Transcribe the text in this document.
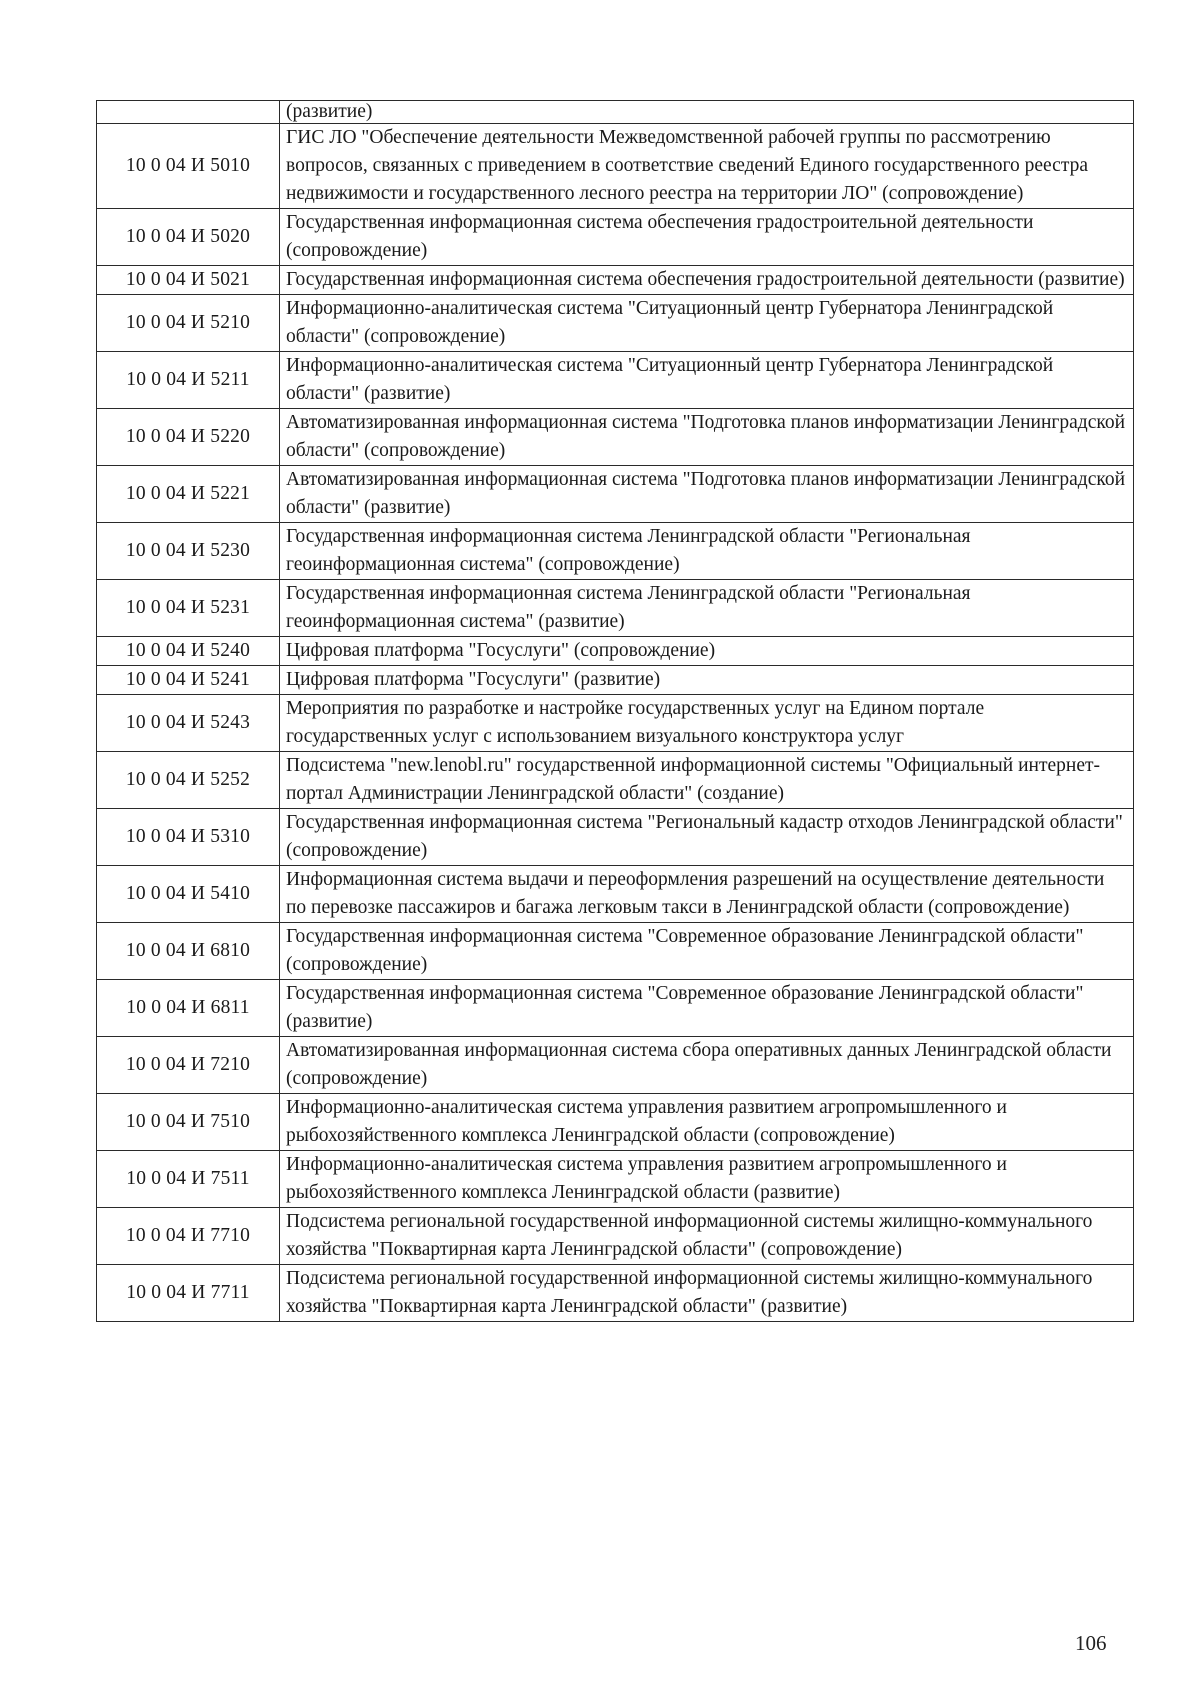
	(развитие)
10 0 04 И 5010	ГИС ЛО "Обеспечение деятельности Межведомственной рабочей группы по рассмотрению вопросов, связанных с приведением в соответствие сведений Единого государственного реестра недвижимости и государственного лесного реестра на территории ЛО" (сопровождение)
10 0 04 И 5020	Государственная информационная система обеспечения градостроительной деятельности (сопровождение)
10 0 04 И 5021	Государственная информационная система обеспечения градостроительной деятельности (развитие)
10 0 04 И 5210	Информационно-аналитическая система "Ситуационный центр Губернатора Ленинградской области" (сопровождение)
10 0 04 И 5211	Информационно-аналитическая система "Ситуационный центр Губернатора Ленинградской области" (развитие)
10 0 04 И 5220	Автоматизированная информационная система "Подготовка планов информатизации Ленинградской области" (сопровождение)
10 0 04 И 5221	Автоматизированная информационная система "Подготовка планов информатизации Ленинградской области" (развитие)
10 0 04 И 5230	Государственная информационная система Ленинградской области "Региональная геоинформационная система" (сопровождение)
10 0 04 И 5231	Государственная информационная система Ленинградской области "Региональная геоинформационная система" (развитие)
10 0 04 И 5240	Цифровая платформа "Госуслуги" (сопровождение)
10 0 04 И 5241	Цифровая платформа "Госуслуги" (развитие)
10 0 04 И 5243	Мероприятия по разработке и настройке государственных услуг на Едином портале государственных услуг с использованием визуального конструктора услуг
10 0 04 И 5252	Подсистема "new.lenobl.ru" государственной информационной системы "Официальный интернет-портал Администрации Ленинградской области" (создание)
10 0 04 И 5310	Государственная информационная система "Региональный кадастр отходов Ленинградской области" (сопровождение)
10 0 04 И 5410	Информационная система выдачи и переоформления разрешений на осуществление деятельности по перевозке пассажиров и багажа легковым такси в Ленинградской области (сопровождение)
10 0 04 И 6810	Государственная информационная система "Современное образование Ленинградской области" (сопровождение)
10 0 04 И 6811	Государственная информационная система "Современное образование Ленинградской области" (развитие)
10 0 04 И 7210	Автоматизированная информационная система сбора оперативных данных Ленинградской области (сопровождение)
10 0 04 И 7510	Информационно-аналитическая система управления развитием агропромышленного и рыбохозяйственного комплекса Ленинградской области (сопровождение)
10 0 04 И 7511	Информационно-аналитическая система управления развитием агропромышленного и рыбохозяйственного комплекса Ленинградской области (развитие)
10 0 04 И 7710	Подсистема региональной государственной информационной системы жилищно-коммунального хозяйства "Поквартирная карта Ленинградской области" (сопровождение)
10 0 04 И 7711	Подсистема региональной государственной информационной системы жилищно-коммунального хозяйства "Поквартирная карта Ленинградской области" (развитие)
106
